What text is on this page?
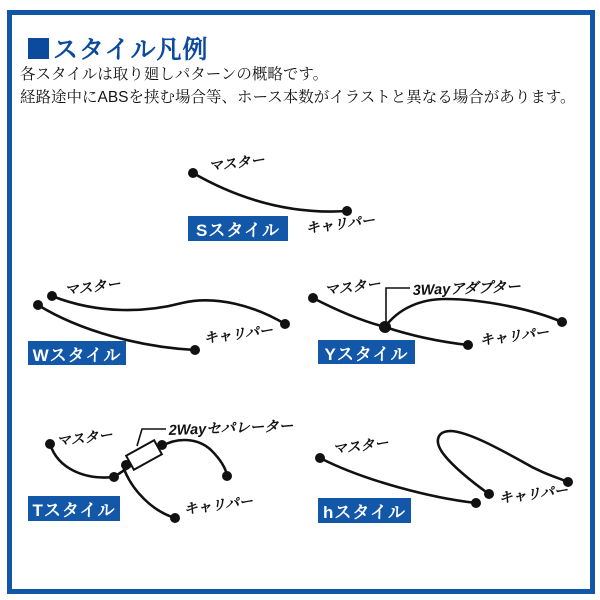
スタイル凡例
各スタイルは取り廻しパターンの概略です。
経路途中にABSを挟む場合等、ホース本数がイラストと異なる場合があります。
マスター
キャリパー
マスター
キャリパー
マスター
キャリパー
3Wayアダプター
マスター
キャリパー
2Wayセパレーター
マスター
キャリパー
Sスタイル
Wスタイル	Yスタイル
Tスタイル	hスタイル
